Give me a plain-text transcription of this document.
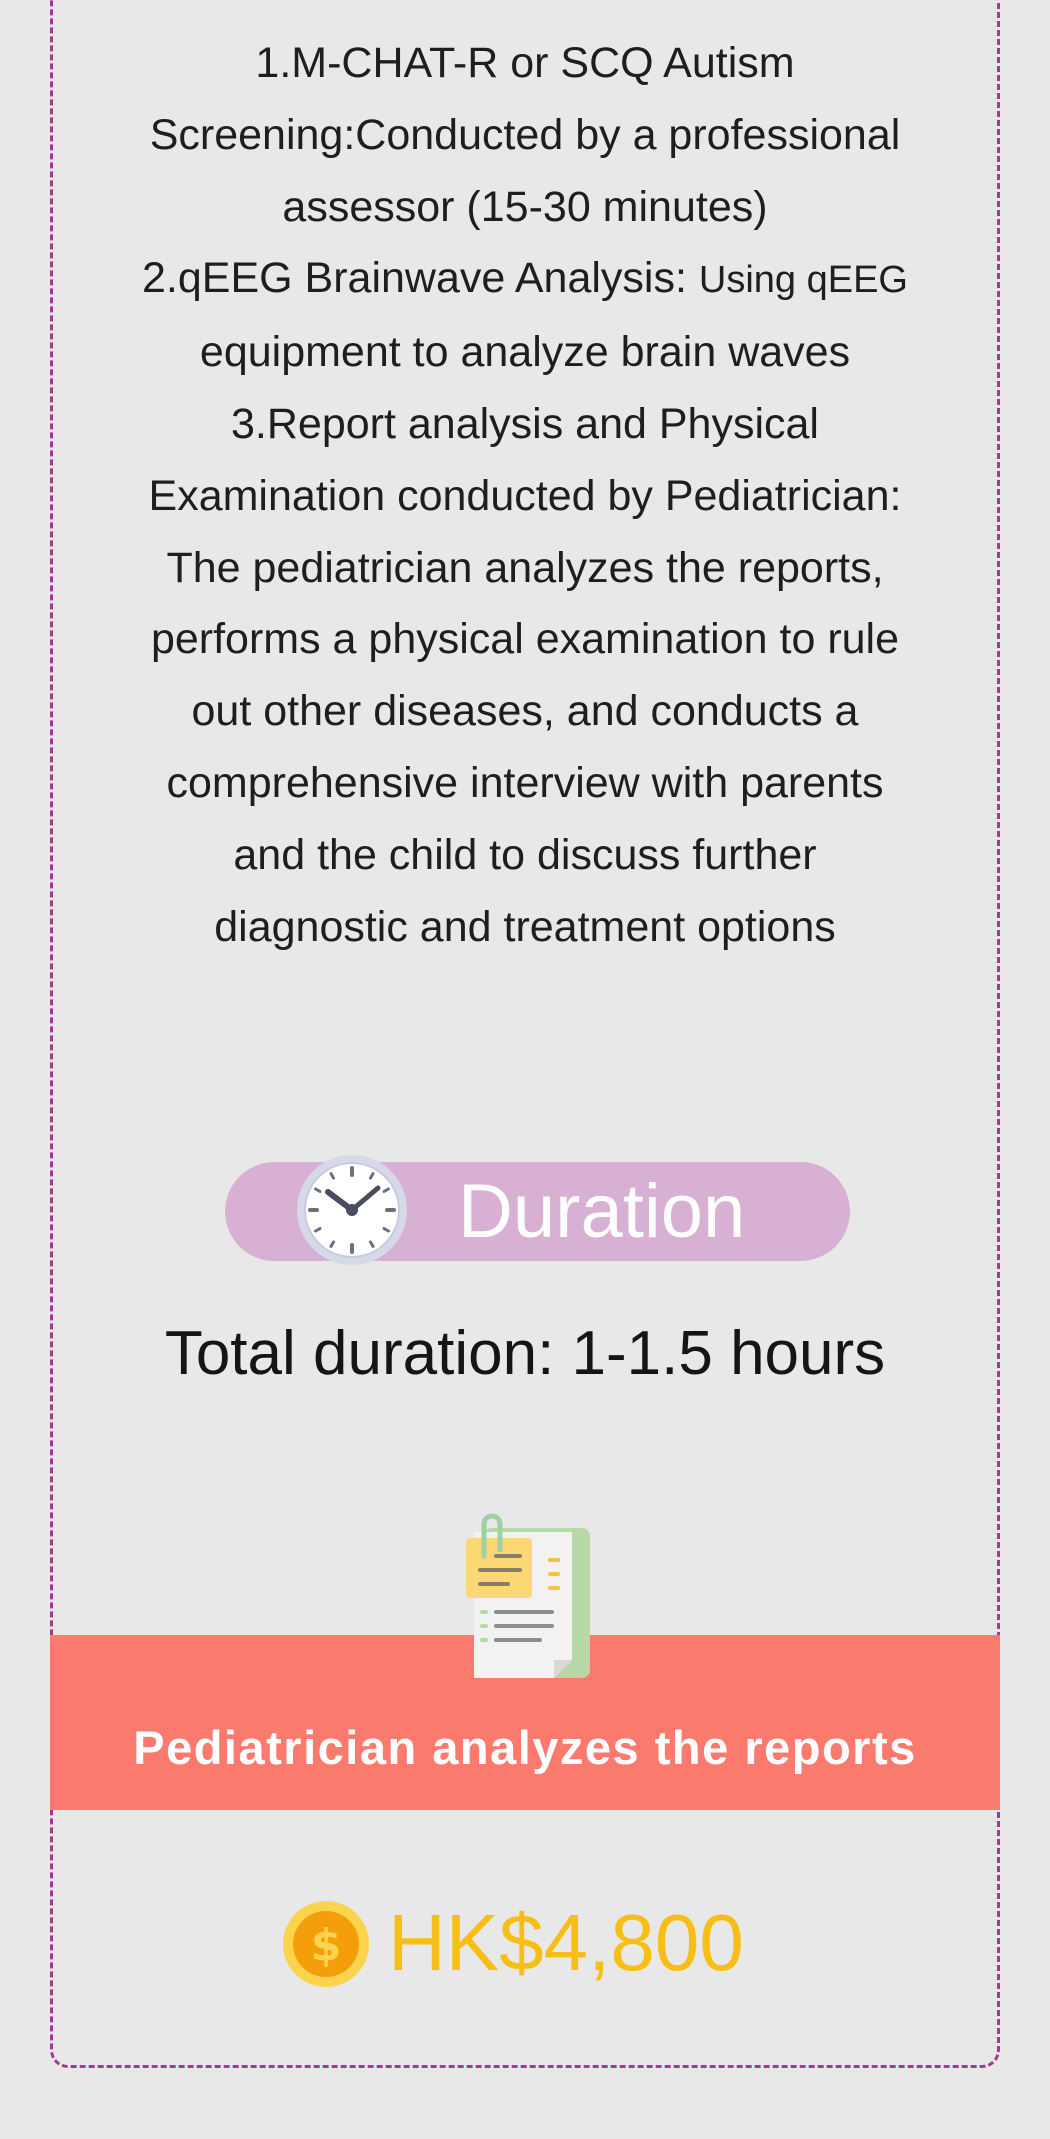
1.M-CHAT-R or SCQ Autism
Screening:Conducted by a professional
assessor (15-30 minutes)
2.qEEG Brainwave Analysis: Using qEEG
equipment to analyze brain waves
3.Report analysis and Physical
Examination conducted by Pediatrician:
The pediatrician analyzes the reports,
performs a physical examination to rule
out other diseases, and conducts a
comprehensive interview with parents
and the child to discuss further
diagnostic and treatment options
Duration
Total duration: 1-1.5 hours
Pediatrician analyzes the reports
$ HK$4,800
